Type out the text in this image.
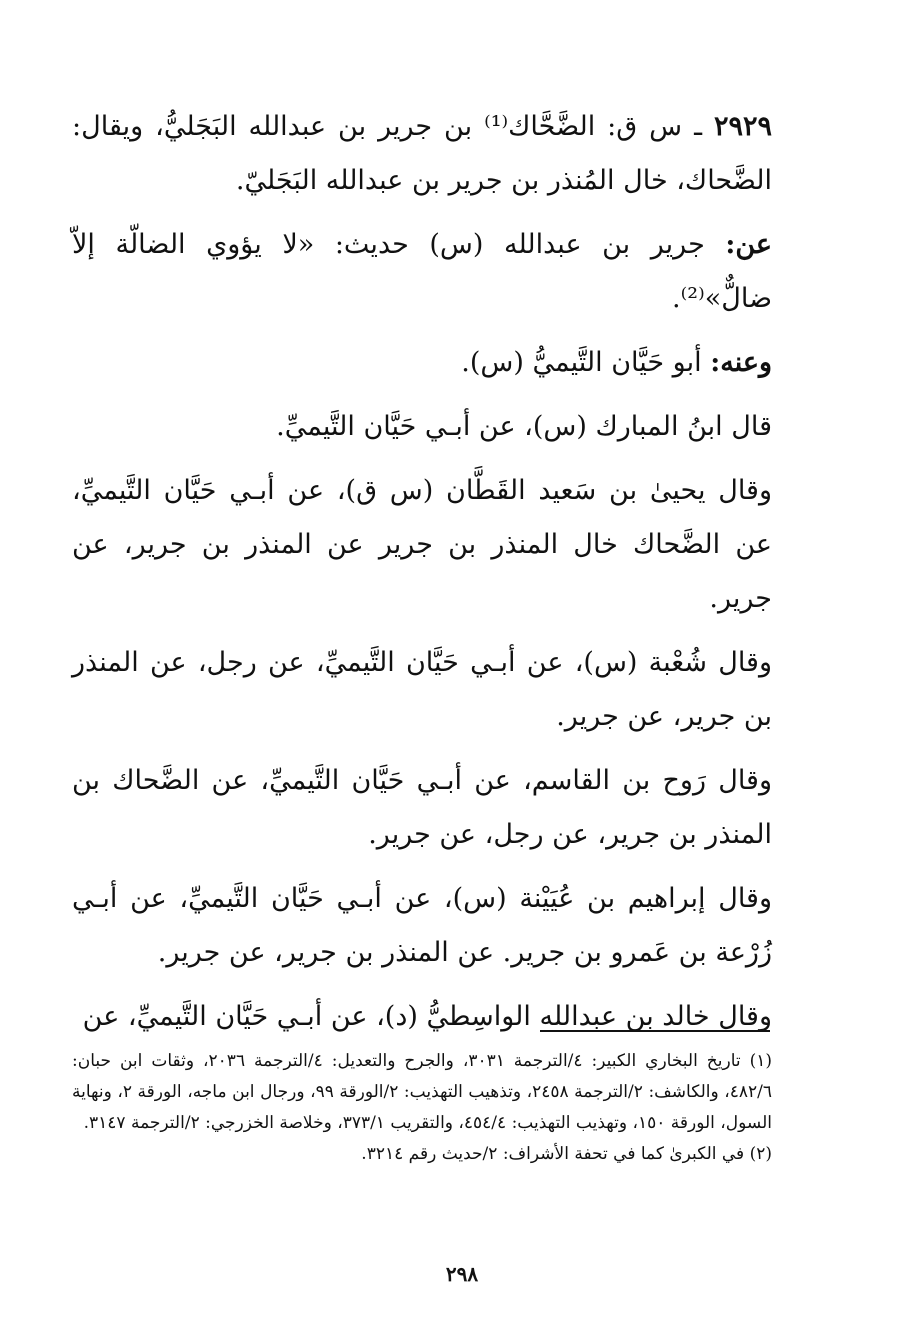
٢٩٢٩ ـ س ق: الضَّحَّاك⁽¹⁾ بن جرير بن عبدالله البَجَليُّ، ويقال: الضَّحاك، خال المُنذر بن جرير بن عبدالله البَجَليّ.

عن: جرير بن عبدالله (س) حديث: «لا يؤوي الضالّة إلاّ ضالٌّ»⁽²⁾.

وعنه: أبو حَيَّان التَّيميُّ (س).

قال ابنُ المبارك (س)، عن أبـي حَيَّان التَّيميِّ.

وقال يحيىٰ بن سَعيد القَطَّان (س ق)، عن أبـي حَيَّان التَّيميِّ، عن الضَّحاك خال المنذر بن جرير عن المنذر بن جرير، عن جرير.

وقال شُعْبة (س)، عن أبـي حَيَّان التَّيميِّ، عن رجل، عن المنذر بن جرير، عن جرير.

وقال رَوح بن القاسم، عن أبـي حَيَّان التَّيميِّ، عن الضَّحاك بن المنذر بن جرير، عن رجل، عن جرير.

وقال إبراهيم بن عُيَيْنة (س)، عن أبـي حَيَّان التَّيميِّ، عن أبـي زُرْعة بن عَمرو بن جرير. عن المنذر بن جرير، عن جرير.

وقال خالد بن عبدالله الواسِطيُّ (د)، عن أبـي حَيَّان التَّيميِّ، عن

(١) تاريخ البخاري الكبير: ٤/الترجمة ٣٠٣١، والجرح والتعديل: ٤/الترجمة ٢٠٣٦، وثقات ابن حبان: ٤٨٢/٦، والكاشف: ٢/الترجمة ٢٤٥٨، وتذهيب التهذيب: ٢/الورقة ٩٩، ورجال ابن ماجه، الورقة ٢، ونهاية السول، الورقة ١٥٠، وتهذيب التهذيب: ٤٥٤/٤، والتقريب ٣٧٣/١، وخلاصة الخزرجي: ٢/الترجمة ٣١٤٧.

(٢) في الكبرىٰ كما في تحفة الأشراف: ٢/حديث رقم ٣٢١٤.

٢٩٨
